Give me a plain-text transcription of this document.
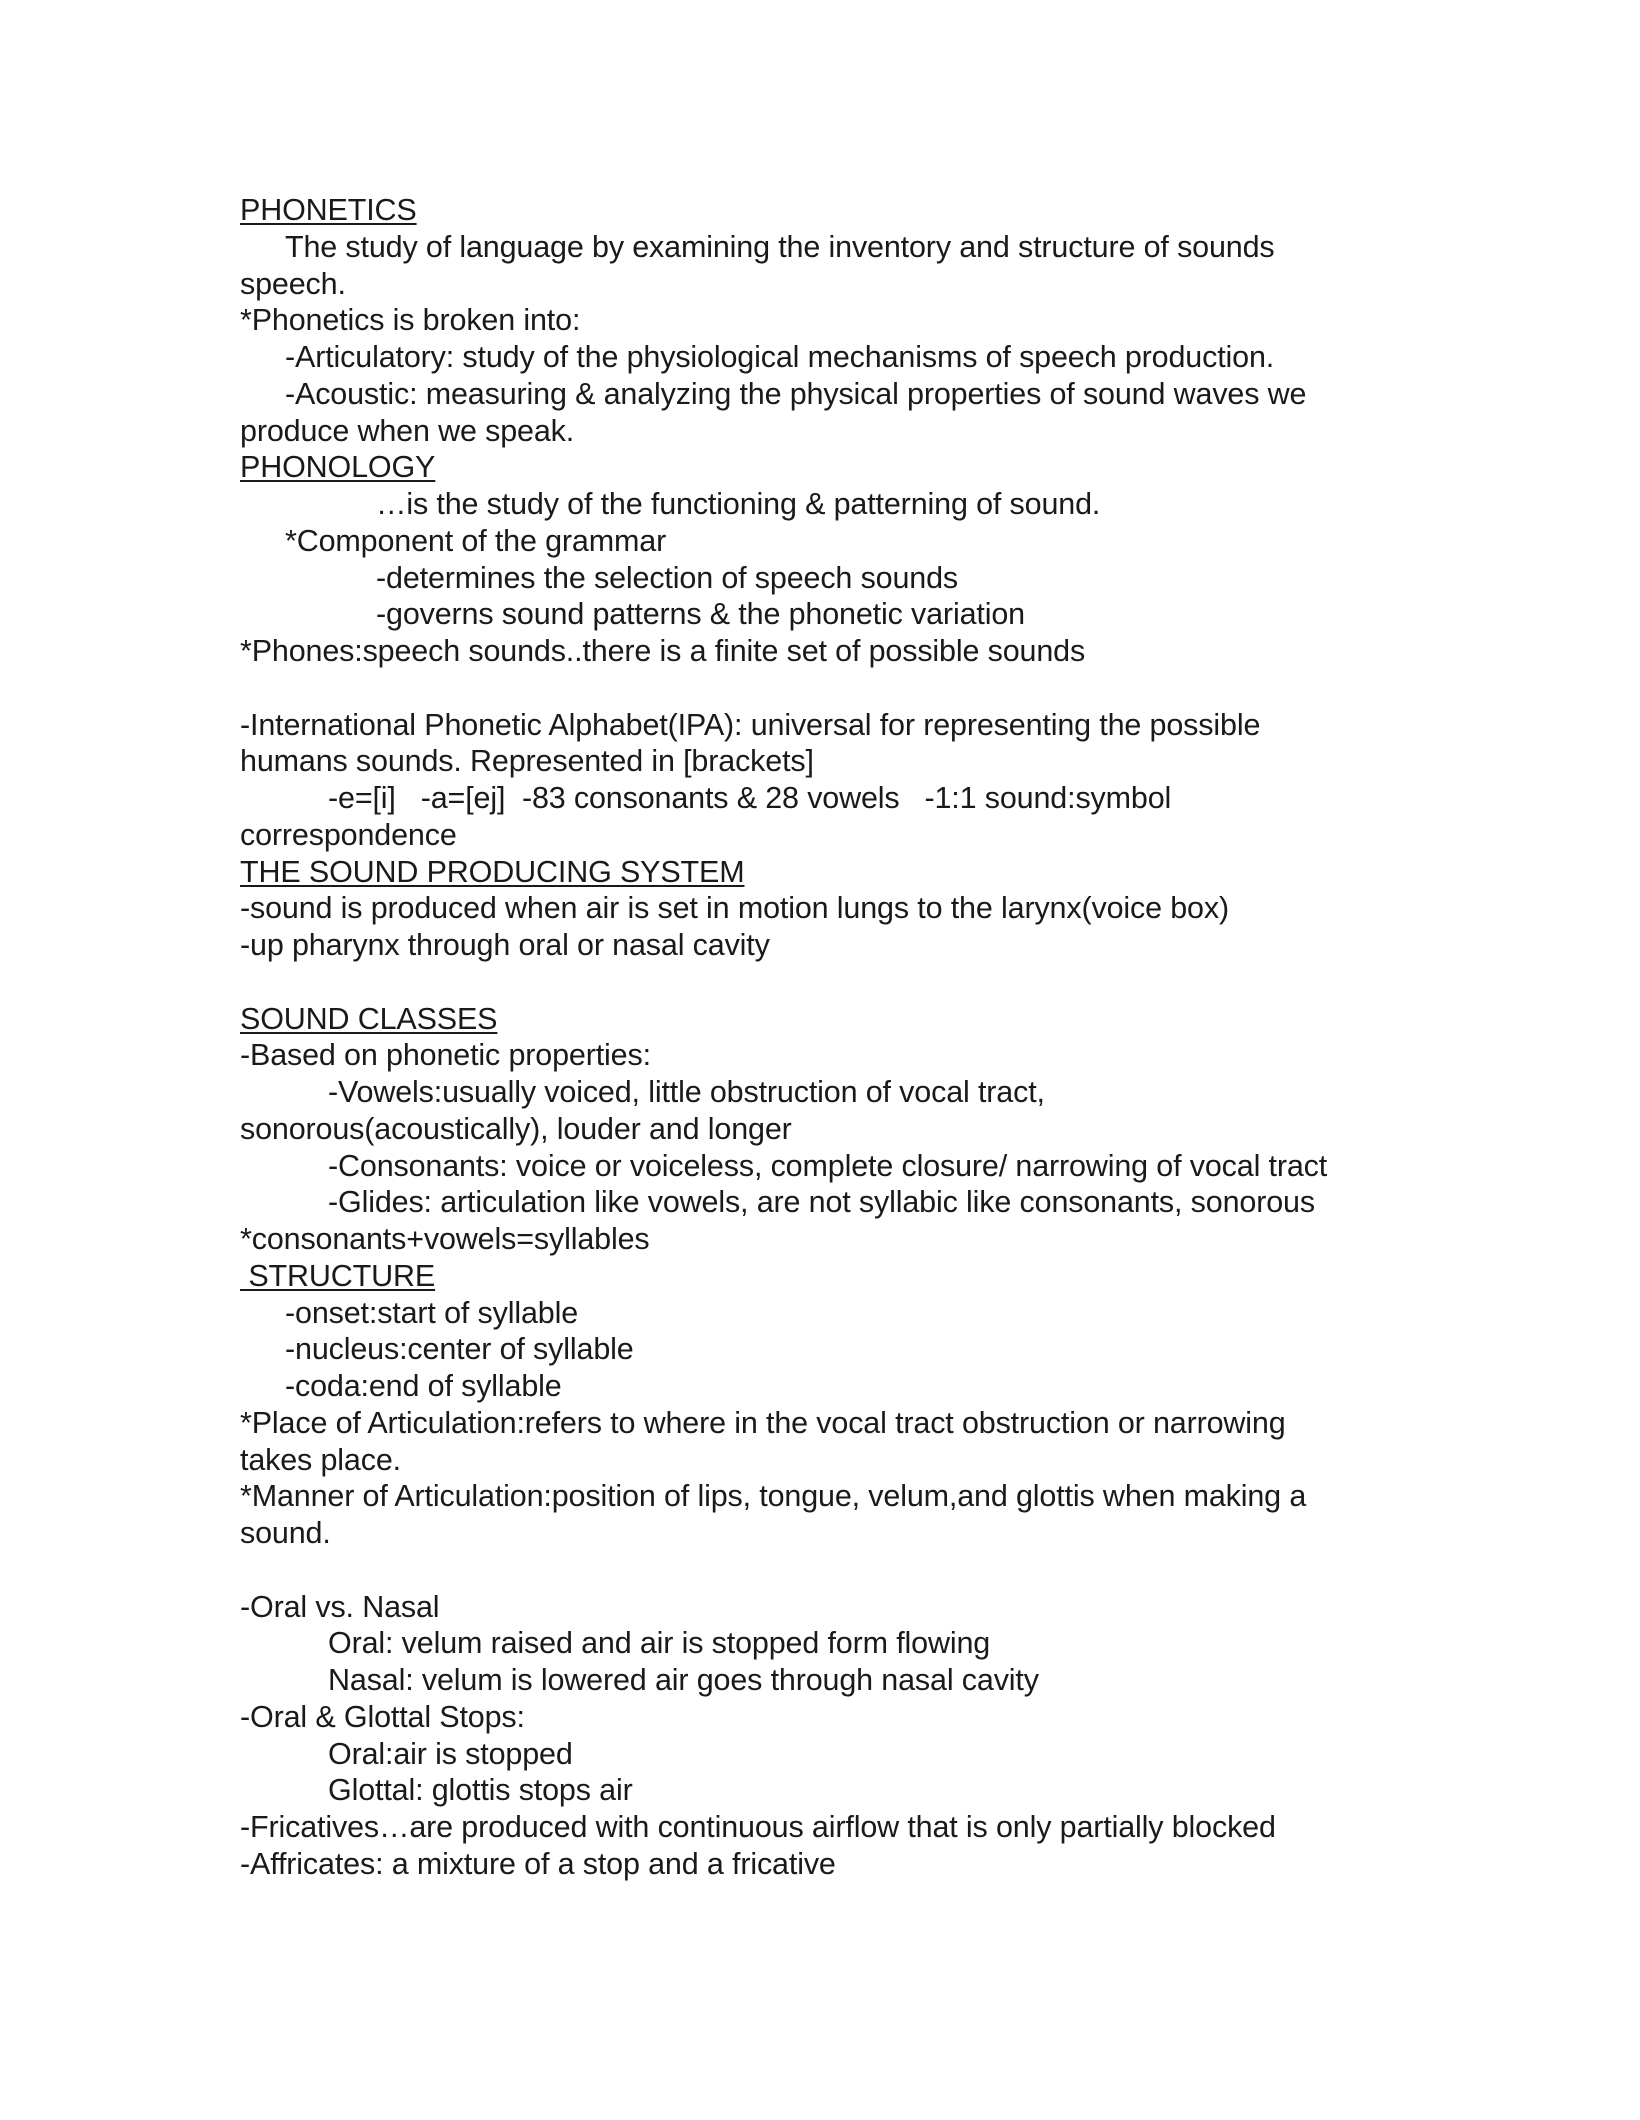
PHONETICS
The study of language by examining the inventory and structure of sounds
speech.
*Phonetics is broken into:
-Articulatory: study of the physiological mechanisms of speech production.
-Acoustic: measuring & analyzing the physical properties of sound waves we
produce when we speak.
PHONOLOGY
…is the study of the functioning & patterning of sound.
*Component of the grammar
-determines the selection of speech sounds
-governs sound patterns & the phonetic variation
*Phones:speech sounds..there is a finite set of possible sounds
-International Phonetic Alphabet(IPA): universal for representing the possible
humans sounds. Represented in [brackets]
-e=[i]   -a=[ej]  -83 consonants & 28 vowels   -1:1 sound:symbol
correspondence
THE SOUND PRODUCING SYSTEM
-sound is produced when air is set in motion lungs to the larynx(voice box)
-up pharynx through oral or nasal cavity
SOUND CLASSES
-Based on phonetic properties:
-Vowels:usually voiced, little obstruction of vocal tract,
sonorous(acoustically), louder and longer
-Consonants: voice or voiceless, complete closure/ narrowing of vocal tract
-Glides: articulation like vowels, are not syllabic like consonants, sonorous
*consonants+vowels=syllables
STRUCTURE
-onset:start of syllable
-nucleus:center of syllable
-coda:end of syllable
*Place of Articulation:refers to where in the vocal tract obstruction or narrowing
takes place.
*Manner of Articulation:position of lips, tongue, velum,and glottis when making a
sound.
-Oral vs. Nasal
Oral: velum raised and air is stopped form flowing
Nasal: velum is lowered air goes through nasal cavity
-Oral & Glottal Stops:
Oral:air is stopped
Glottal: glottis stops air
-Fricatives…are produced with continuous airflow that is only partially blocked
-Affricates: a mixture of a stop and a fricative
